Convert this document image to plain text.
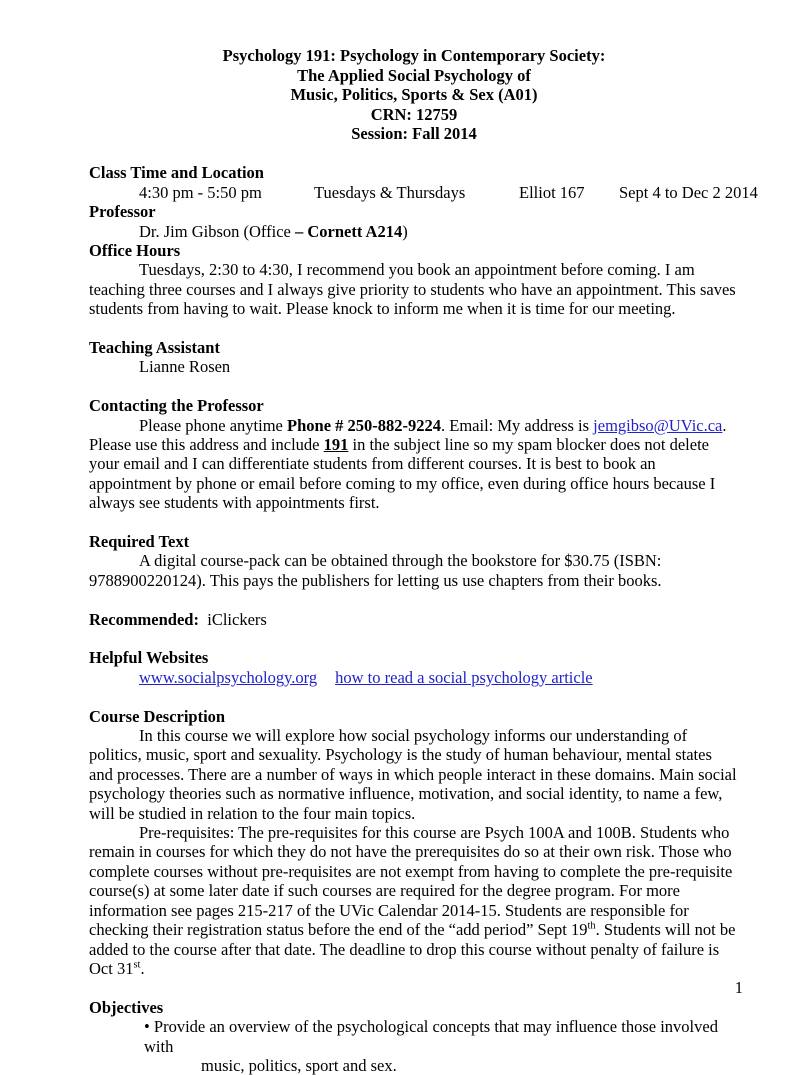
Psychology 191: Psychology in Contemporary Society:
The Applied Social Psychology of
Music, Politics, Sports & Sex (A01)
CRN: 12759
Session: Fall 2014
Class Time and Location
4:30 pm - 5:50 pm	Tuesdays & Thursdays	Elliot 167	Sept 4 to Dec 2 2014
Professor
Dr. Jim Gibson (Office – Cornett A214)
Office Hours
Tuesdays, 2:30 to 4:30, I recommend you book an appointment before coming. I am teaching three courses and I always give priority to students who have an appointment. This saves students from having to wait. Please knock to inform me when it is time for our meeting.
Teaching Assistant
Lianne Rosen
Contacting the Professor
Please phone anytime Phone # 250-882-9224. Email: My address is jemgibso@UVic.ca. Please use this address and include 191 in the subject line so my spam blocker does not delete your email and I can differentiate students from different courses. It is best to book an appointment by phone or email before coming to my office, even during office hours because I always see students with appointments first.
Required Text
A digital course-pack can be obtained through the bookstore for $30.75 (ISBN: 9788900220124). This pays the publishers for letting us use chapters from their books.
Recommended: iClickers
Helpful Websites
www.socialpsychology.org how to read a social psychology article
Course Description
In this course we will explore how social psychology informs our understanding of politics, music, sport and sexuality. Psychology is the study of human behaviour, mental states and processes. There are a number of ways in which people interact in these domains. Main social psychology theories such as normative influence, motivation, and social identity, to name a few, will be studied in relation to the four main topics.
Pre-requisites: The pre-requisites for this course are Psych 100A and 100B. Students who remain in courses for which they do not have the prerequisites do so at their own risk. Those who complete courses without pre-requisites are not exempt from having to complete the pre-requisite course(s) at some later date if such courses are required for the degree program. For more information see pages 215-217 of the UVic Calendar 2014-15. Students are responsible for checking their registration status before the end of the “add period” Sept 19th. Students will not be added to the course after that date. The deadline to drop this course without penalty of failure is Oct 31st.
Objectives
• Provide an overview of the psychological concepts that may influence those involved with
music, politics, sport and sex.
1
